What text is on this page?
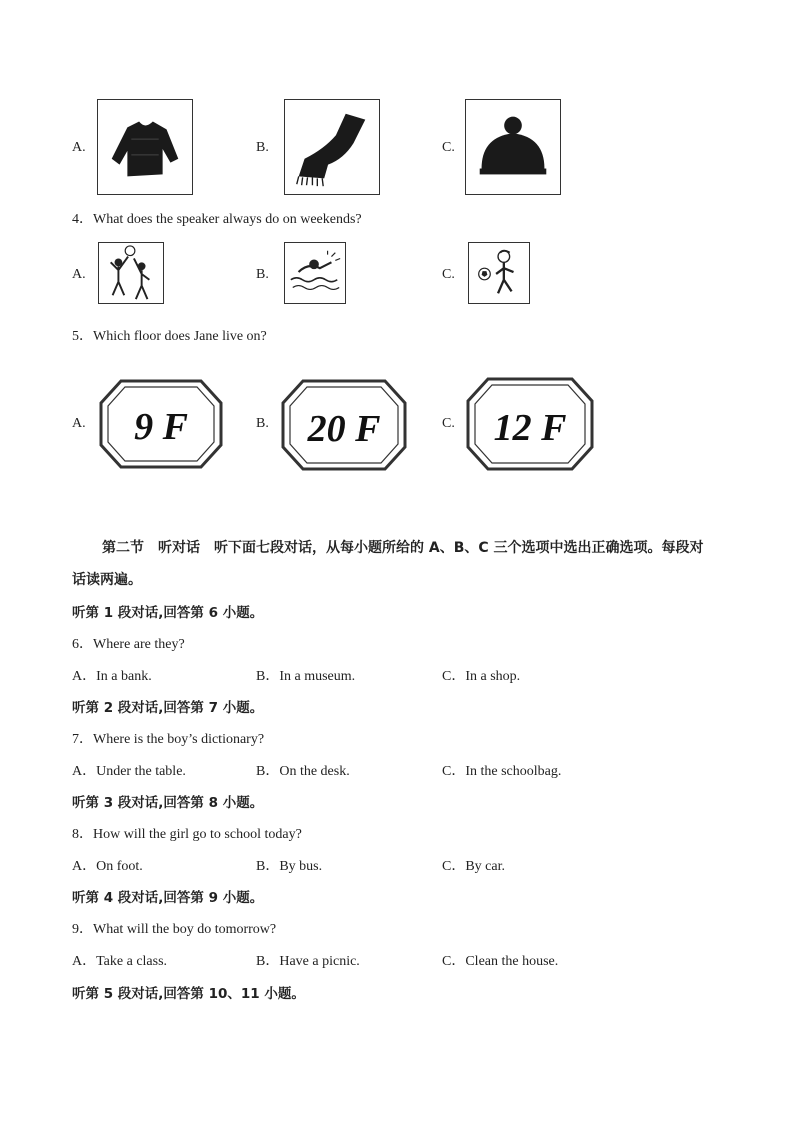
A.	B.	C.
4．What does the speaker always do on weekends?
A.	B.	C.
5．Which floor does Jane live on?
A. 9 F	B. 20 F	C. 12 F
第二节　听对话　听下面七段对话，从每小题所给的 A、B、C 三个选项中选出正确选项。每段对
话读两遍。
听第 1 段对话,回答第 6 小题。
6．Where are they?
A．In a bank.	B．In a museum.	C．In a shop.
听第 2 段对话,回答第 7 小题。
7．Where is the boy’s dictionary?
A．Under the table.	B．On the desk.	C．In the schoolbag.
听第 3 段对话,回答第 8 小题。
8．How will the girl go to school today?
A．On foot.	B．By bus.	C．By car.
听第 4 段对话,回答第 9 小题。
9．What will the boy do tomorrow?
A．Take a class.	B．Have a picnic.	C．Clean the house.
听第 5 段对话,回答第 10、11 小题。
